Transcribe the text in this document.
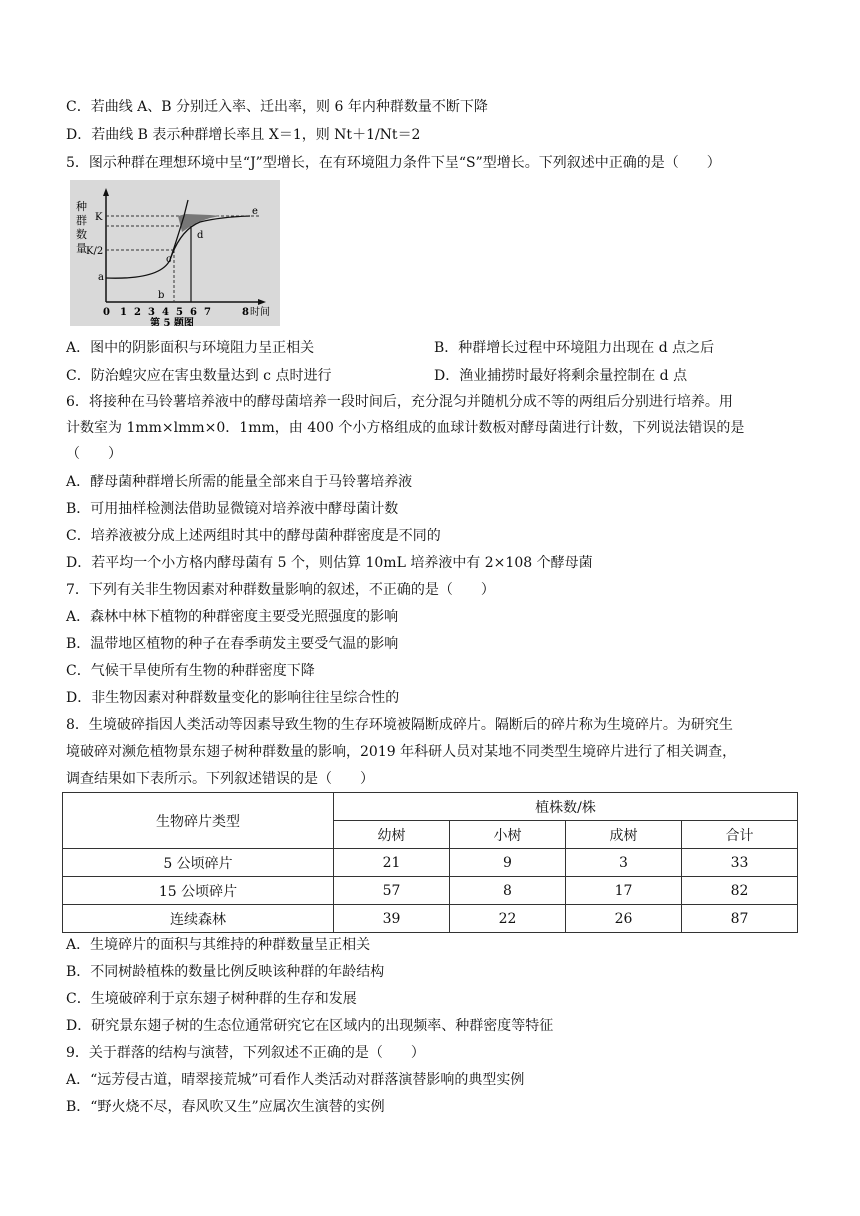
C．若曲线 A、B 分别迁入率、迁出率，则 6 年内种群数量不断下降
D．若曲线 B 表示种群增长率且 X＝1，则 Nt＋1/Nt＝2
5．图示种群在理想环境中呈“J”型增长，在有环境阻力条件下呈“S”型增长。下列叙述中正确的是（　　）
种
群
数
量
K
K/2
a
b
c
d
e
0 1 2 3 4 5 6 7	8 时间
第 5 题图
A．图中的阴影面积与环境阻力呈正相关	B．种群增长过程中环境阻力出现在 d 点之后
C．防治蝗灾应在害虫数量达到 c 点时进行	D．渔业捕捞时最好将剩余量控制在 d 点
6．将接种在马铃薯培养液中的酵母菌培养一段时间后，充分混匀并随机分成不等的两组后分别进行培养。用
计数室为 1mm×lmm×0．1mm，由 400 个小方格组成的血球计数板对酵母菌进行计数，下列说法错误的是
（　　）
A．酵母菌种群增长所需的能量全部来自于马铃薯培养液
B．可用抽样检测法借助显微镜对培养液中酵母菌计数
C．培养液被分成上述两组时其中的酵母菌种群密度是不同的
D．若平均一个小方格内酵母菌有 5 个，则估算 10mL 培养液中有 2×108 个酵母菌
7．下列有关非生物因素对种群数量影响的叙述，不正确的是（　　）
A．森林中林下植物的种群密度主要受光照强度的影响
B．温带地区植物的种子在春季萌发主要受气温的影响
C．气候干旱使所有生物的种群密度下降
D．非生物因素对种群数量变化的影响往往呈综合性的
8．生境破碎指因人类活动等因素导致生物的生存环境被隔断成碎片。隔断后的碎片称为生境碎片。为研究生
境破碎对濒危植物景东翅子树种群数量的影响，2019 年科研人员对某地不同类型生境碎片进行了相关调查，
调查结果如下表所示。下列叙述错误的是（　　）
生物碎片类型	植株数/株			
	幼树	小树	成树	合计
5 公顷碎片	21	9	3	33
15 公顷碎片	57	8	17	82
连续森林	39	22	26	87
A．生境碎片的面积与其维持的种群数量呈正相关
B．不同树龄植株的数量比例反映该种群的年龄结构
C．生境破碎利于京东翅子树种群的生存和发展
D．研究景东翅子树的生态位通常研究它在区域内的出现频率、种群密度等特征
9．关于群落的结构与演替，下列叙述不正确的是（　　）
A．“远芳侵古道，晴翠接荒城”可看作人类活动对群落演替影响的典型实例
B．“野火烧不尽，春风吹又生”应属次生演替的实例
